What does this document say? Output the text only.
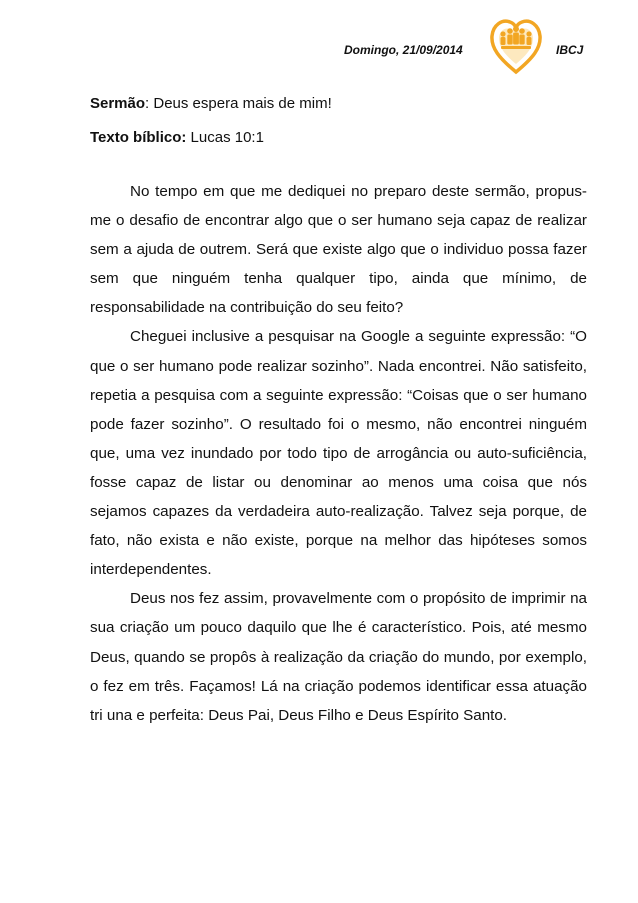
Domingo, 21/09/2014	IBCJ
Sermão: Deus espera mais de mim!
Texto bíblico: Lucas 10:1

No tempo em que me dediquei no preparo deste sermão, propus-me o desafio de encontrar algo que o ser humano seja capaz de realizar sem a ajuda de outrem. Será que existe algo que o individuo possa fazer sem que ninguém tenha qualquer tipo, ainda que mínimo, de responsabilidade na contribuição do seu feito?

Cheguei inclusive a pesquisar na Google a seguinte expressão: “O que o ser humano pode realizar sozinho”. Nada encontrei. Não satisfeito, repetia a pesquisa com a seguinte expressão: “Coisas que o ser humano pode fazer sozinho”. O resultado foi o mesmo, não encontrei ninguém que, uma vez inundado por todo tipo de arrogância ou auto-suficiência, fosse capaz de listar ou denominar ao menos uma coisa que nós sejamos capazes da verdadeira auto-realização. Talvez seja porque, de fato, não exista e não existe, porque na melhor das hipóteses somos interdependentes.

Deus nos fez assim, provavelmente com o propósito de imprimir na sua criação um pouco daquilo que lhe é característico. Pois, até mesmo Deus, quando se propôs à realização da criação do mundo, por exemplo, o fez em três. Façamos! Lá na criação podemos identificar essa atuação tri una e perfeita: Deus Pai, Deus Filho e Deus Espírito Santo.
